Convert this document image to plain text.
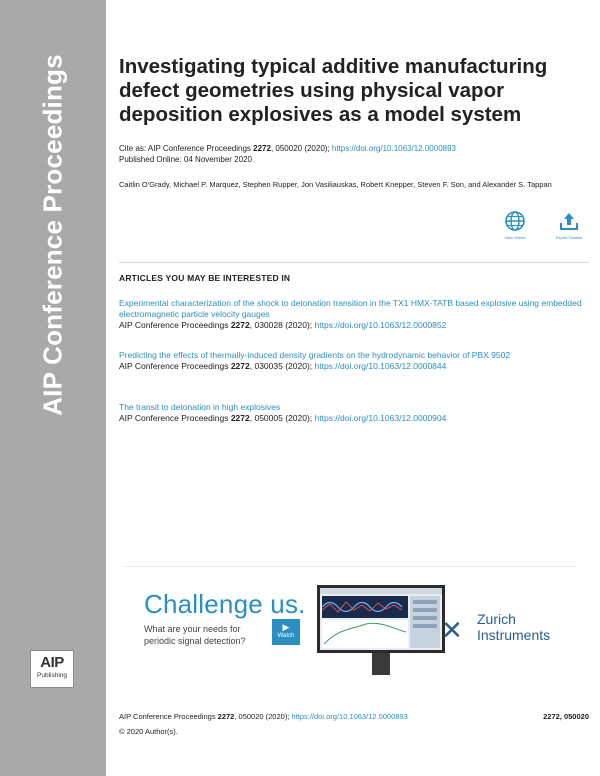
AIP Conference Proceedings
AIP
Publishing
Investigating typical additive manufacturing defect geometries using physical vapor deposition explosives as a model system
Cite as: AIP Conference Proceedings 2272, 050020 (2020); https://doi.org/10.1063/12.0000893
Published Online: 04 November 2020
Caitlin O'Grady, Michael P. Marquez, Stephen Rupper, Jon Vasiliauskas, Robert Knepper, Steven F. Son, and Alexander S. Tappan
View Online	Export Citation
ARTICLES YOU MAY BE INTERESTED IN
Experimental characterization of the shock to detonation transition in the TX1 HMX-TATB based explosive using embedded electromagnetic particle velocity gauges
AIP Conference Proceedings 2272, 030028 (2020); https://doi.org/10.1063/12.0000852
Predicting the effects of thermally-induced density gradients on the hydrodynamic behavior of PBX 9502
AIP Conference Proceedings 2272, 030035 (2020); https://doi.org/10.1063/12.0000844
The transit to detonation in high explosives
AIP Conference Proceedings 2272, 050005 (2020); https://doi.org/10.1063/12.0000904
Challenge us.
What are your needs for periodic signal detection?
▶
Watch	✕ Zurich
Instruments
AIP Conference Proceedings 2272, 050020 (2020); https://doi.org/10.1063/12.0000893	2272, 050020
© 2020 Author(s).
